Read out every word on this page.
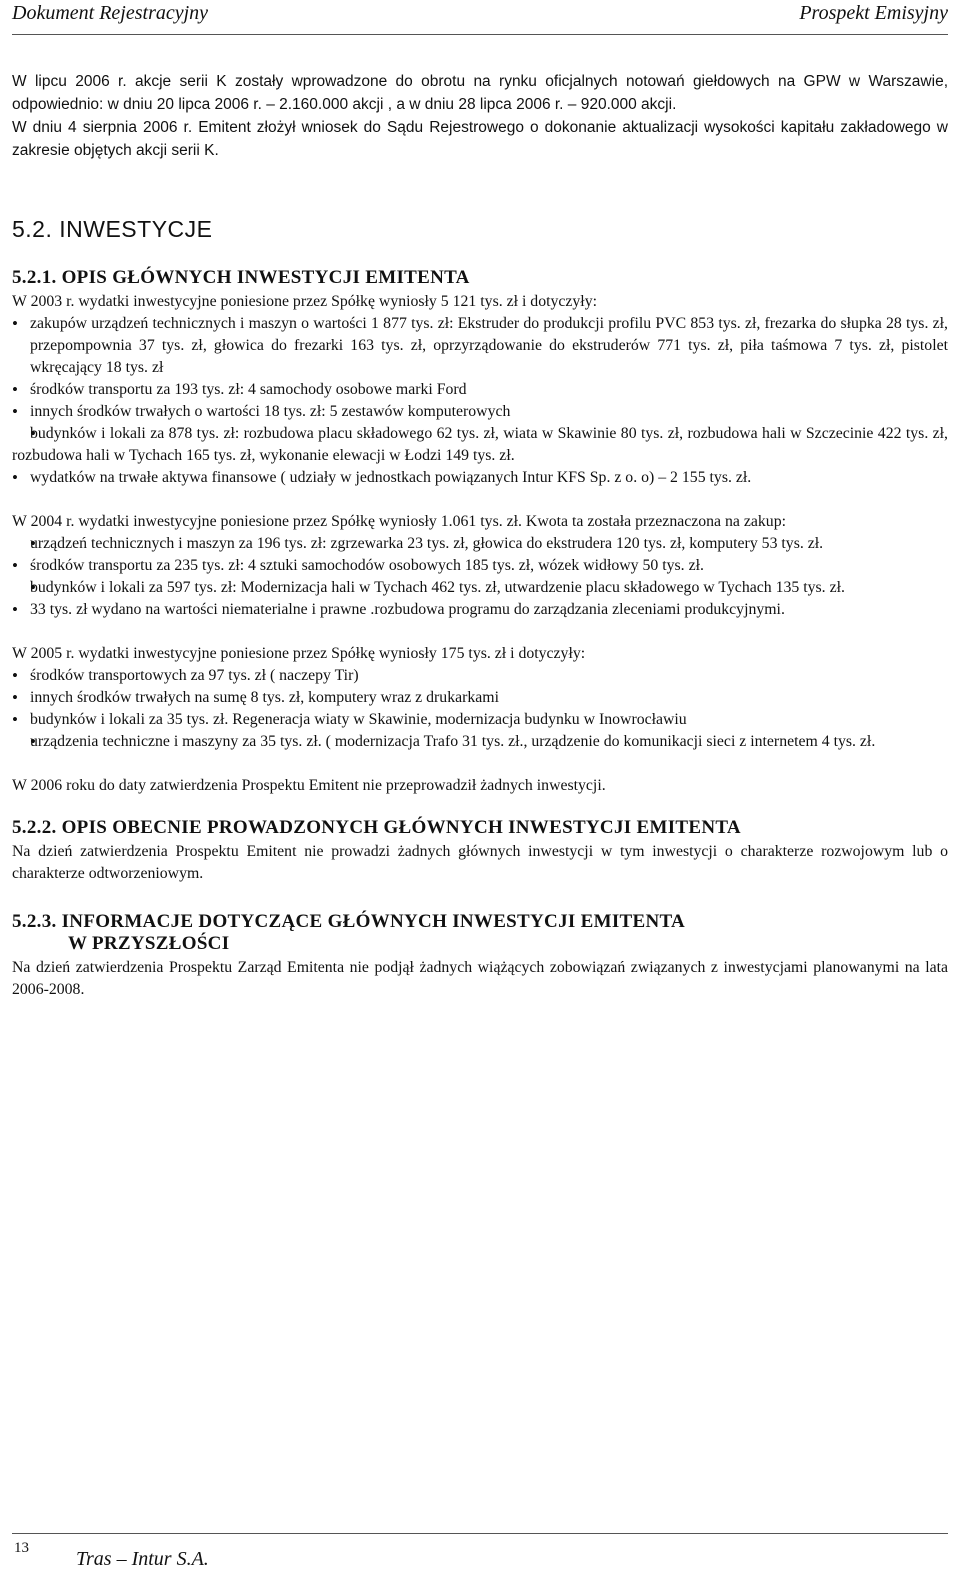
Dokument Rejestracyjny	Prospekt Emisyjny

W lipcu 2006 r. akcje serii K zostały wprowadzone do obrotu na rynku oficjalnych notowań giełdowych na GPW w Warszawie, odpowiednio: w dniu 20 lipca 2006 r. – 2.160.000 akcji , a w dniu 28 lipca 2006 r. – 920.000 akcji.

W dniu 4 sierpnia 2006 r. Emitent złożył wniosek do Sądu Rejestrowego o dokonanie aktualizacji wysokości kapitału zakładowego w zakresie objętych akcji serii K.

5.2. INWESTYCJE
5.2.1. OPIS GŁÓWNYCH INWESTYCJI EMITENTA

W 2003 r. wydatki inwestycyjne poniesione przez Spółkę wyniosły 5 121 tys. zł i dotyczyły:

• zakupów urządzeń technicznych i maszyn o wartości 1 877 tys. zł: Ekstruder do produkcji profilu PVC 853 tys. zł, frezarka do słupka 28 tys. zł, przepompownia 37 tys. zł, głowica do frezarki 163 tys. zł, oprzyrządowanie do ekstruderów 771 tys. zł, piła taśmowa 7 tys. zł, pistolet wkręcający 18 tys. zł
• środków transportu za 193 tys. zł: 4 samochody osobowe marki Ford
• innych środków trwałych o wartości 18 tys. zł: 5 zestawów komputerowych
• budynków i lokali za 878 tys. zł: rozbudowa placu składowego 62 tys. zł, wiata w Skawinie 80 tys. zł, rozbudowa hali w Szczecinie 422 tys. zł, rozbudowa hali w Tychach 165 tys. zł, wykonanie elewacji w Łodzi 149 tys. zł.
• wydatków na trwałe aktywa finansowe ( udziały w jednostkach powiązanych Intur KFS Sp. z o. o) – 2 155 tys. zł.

W 2004 r. wydatki inwestycyjne poniesione przez Spółkę wyniosły 1.061 tys. zł. Kwota ta została przeznaczona na zakup:

• urządzeń technicznych i maszyn za 196 tys. zł: zgrzewarka 23 tys. zł, głowica do ekstrudera 120 tys. zł, komputery 53 tys. zł.
• środków transportu za 235 tys. zł: 4 sztuki samochodów osobowych 185 tys. zł, wózek widłowy 50 tys. zł.
• budynków i lokali za 597 tys. zł: Modernizacja hali w Tychach 462 tys. zł, utwardzenie placu składowego w Tychach 135 tys. zł.
• 33 tys. zł wydano na wartości niematerialne i prawne .rozbudowa programu do zarządzania zleceniami produkcyjnymi.

W 2005 r. wydatki inwestycyjne poniesione przez Spółkę wyniosły 175 tys. zł i dotyczyły:

• środków transportowych za 97 tys. zł ( naczepy Tir)
• innych środków trwałych na sumę 8 tys. zł, komputery wraz z drukarkami
• budynków i lokali za 35 tys. zł. Regeneracja wiaty w Skawinie, modernizacja budynku w Inowrocławiu
• urządzenia techniczne i maszyny za 35 tys. zł. ( modernizacja Trafo 31 tys. zł., urządzenie do komunikacji sieci z internetem 4 tys. zł.

W 2006 roku do daty zatwierdzenia Prospektu Emitent nie przeprowadził żadnych inwestycji.

5.2.2. OPIS OBECNIE PROWADZONYCH GŁÓWNYCH INWESTYCJI EMITENTA

Na dzień zatwierdzenia Prospektu Emitent nie prowadzi żadnych głównych inwestycji w tym inwestycji o charakterze rozwojowym lub o charakterze odtworzeniowym.

5.2.3. INFORMACJE DOTYCZĄCE GŁÓWNYCH INWESTYCJI EMITENTA
W PRZYSZŁOŚCI

Na dzień zatwierdzenia Prospektu Zarząd Emitenta nie podjął żadnych wiążących zobowiązań związanych z inwestycjami planowanymi na lata 2006-2008.

13 Tras – Intur S.A.
